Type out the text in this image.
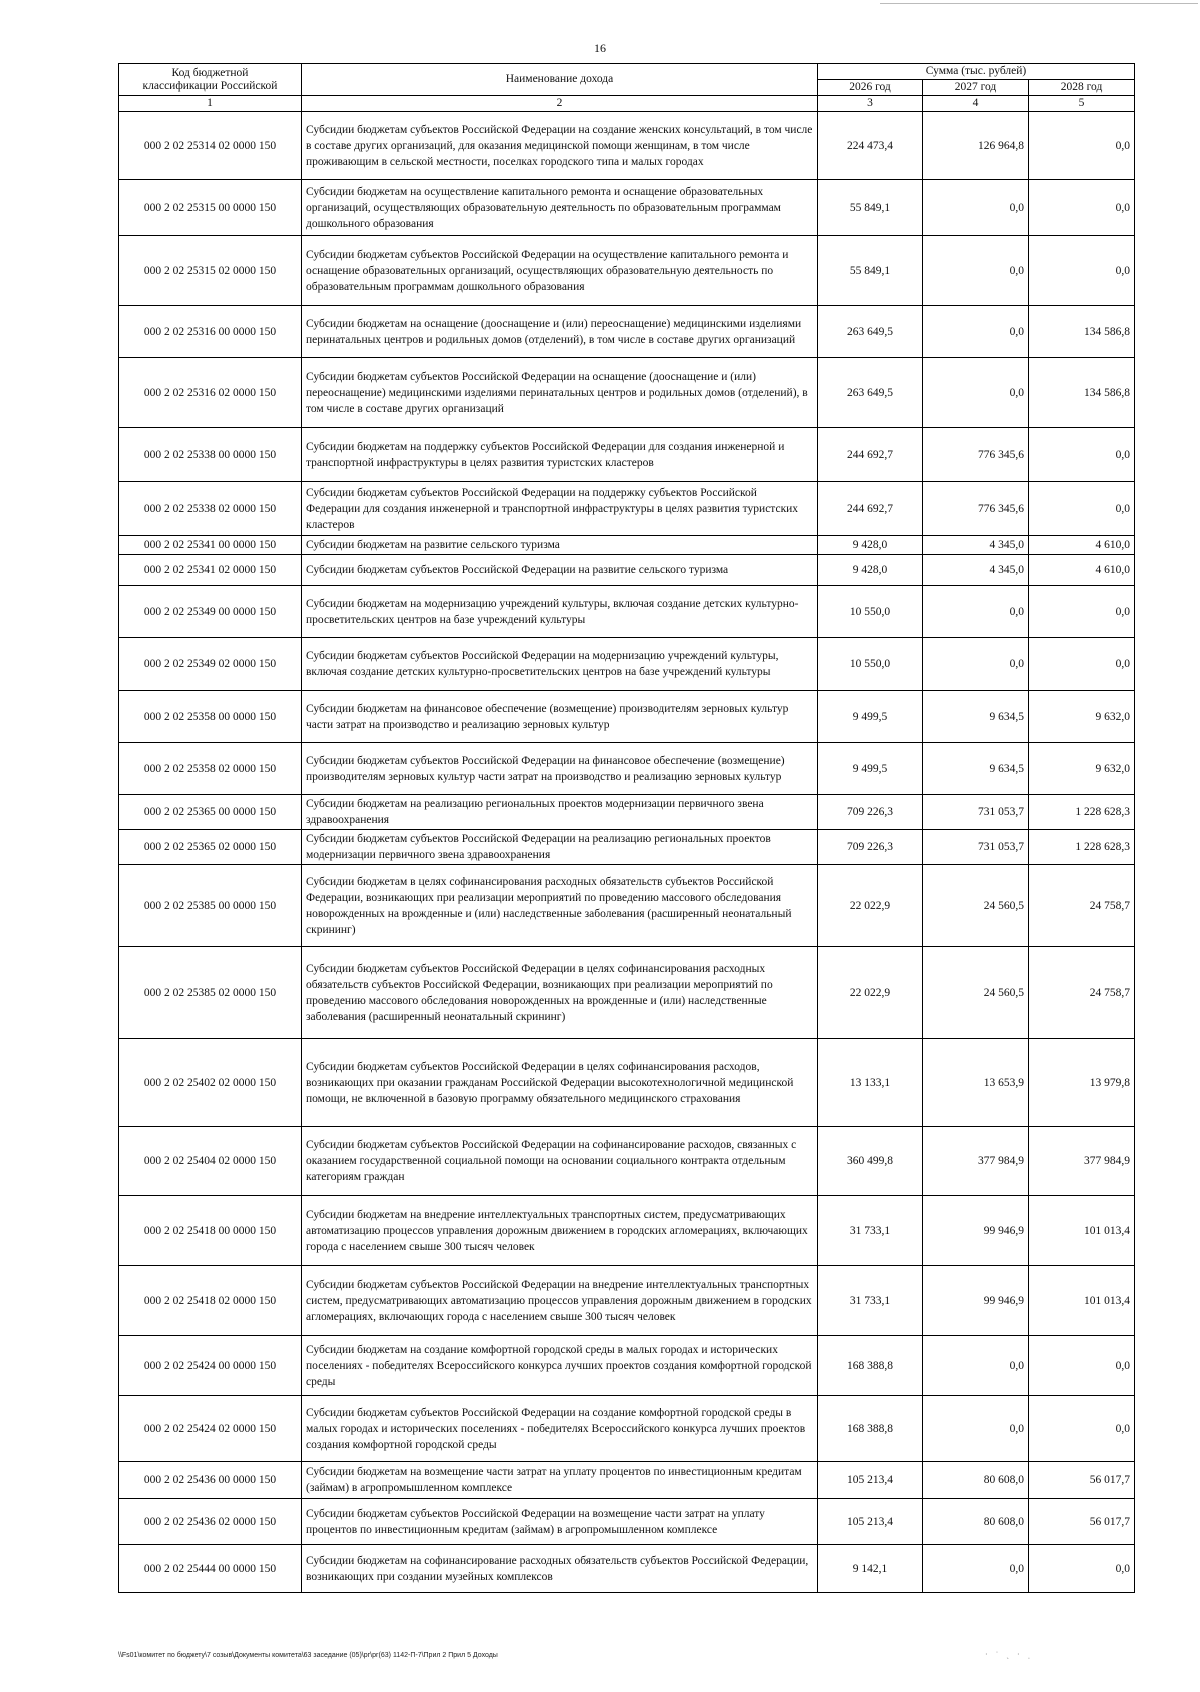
16
Код бюджетной классификации Российской	Наименование дохода	Сумма (тыс. рублей)		
		2026 год	2027 год	2028 год
1	2	3	4	5
000 2 02 25314 02 0000 150	Субсидии бюджетам субъектов Российской Федерации на создание женских консультаций, в том числе в составе других организаций, для оказания медицинской помощи женщинам, в том числе проживающим в сельской местности, поселках городского типа и малых городах	224 473,4	126 964,8	0,0
000 2 02 25315 00 0000 150	Субсидии бюджетам на осуществление капитального ремонта и оснащение образовательных организаций, осуществляющих образовательную деятельность по образовательным программам дошкольного образования	55 849,1	0,0	0,0
000 2 02 25315 02 0000 150	Субсидии бюджетам субъектов Российской Федерации на осуществление капитального ремонта и оснащение образовательных организаций, осуществляющих образовательную деятельность по образовательным программам дошкольного образования	55 849,1	0,0	0,0
000 2 02 25316 00 0000 150	Субсидии бюджетам на оснащение (дооснащение и (или) переоснащение) медицинскими изделиями перинатальных центров и родильных домов (отделений), в том числе в составе других организаций	263 649,5	0,0	134 586,8
000 2 02 25316 02 0000 150	Субсидии бюджетам субъектов Российской Федерации на оснащение (дооснащение и (или) переоснащение) медицинскими изделиями перинатальных центров и родильных домов (отделений), в том числе в составе других организаций	263 649,5	0,0	134 586,8
000 2 02 25338 00 0000 150	Субсидии бюджетам на поддержку субъектов Российской Федерации для создания инженерной и транспортной инфраструктуры в целях развития туристских кластеров	244 692,7	776 345,6	0,0
000 2 02 25338 02 0000 150	Субсидии бюджетам субъектов Российской Федерации на поддержку субъектов Российской Федерации для создания инженерной и транспортной инфраструктуры в целях развития туристских кластеров	244 692,7	776 345,6	0,0
000 2 02 25341 00 0000 150	Субсидии бюджетам на развитие сельского туризма	9 428,0	4 345,0	4 610,0
000 2 02 25341 02 0000 150	Субсидии бюджетам субъектов Российской Федерации на развитие сельского туризма	9 428,0	4 345,0	4 610,0
000 2 02 25349 00 0000 150	Субсидии бюджетам на модернизацию учреждений культуры, включая создание детских культурно-просветительских центров на базе учреждений культуры	10 550,0	0,0	0,0
000 2 02 25349 02 0000 150	Субсидии бюджетам субъектов Российской Федерации на модернизацию учреждений культуры, включая создание детских культурно-просветительских центров на базе учреждений культуры	10 550,0	0,0	0,0
000 2 02 25358 00 0000 150	Субсидии бюджетам на финансовое обеспечение (возмещение) производителям зерновых культур части затрат на производство и реализацию зерновых культур	9 499,5	9 634,5	9 632,0
000 2 02 25358 02 0000 150	Субсидии бюджетам субъектов Российской Федерации на финансовое обеспечение (возмещение) производителям зерновых культур части затрат на производство и реализацию зерновых культур	9 499,5	9 634,5	9 632,0
000 2 02 25365 00 0000 150	Субсидии бюджетам на реализацию региональных проектов модернизации первичного звена здравоохранения	709 226,3	731 053,7	1 228 628,3
000 2 02 25365 02 0000 150	Субсидии бюджетам субъектов Российской Федерации на реализацию региональных проектов модернизации первичного звена здравоохранения	709 226,3	731 053,7	1 228 628,3
000 2 02 25385 00 0000 150	Субсидии бюджетам в целях софинансирования расходных обязательств субъектов Российской Федерации, возникающих при реализации мероприятий по проведению массового обследования новорожденных на врожденные и (или) наследственные заболевания (расширенный неонатальный скрининг)	22 022,9	24 560,5	24 758,7
000 2 02 25385 02 0000 150	Субсидии бюджетам субъектов Российской Федерации в целях софинансирования расходных обязательств субъектов Российской Федерации, возникающих при реализации мероприятий по проведению массового обследования новорожденных на врожденные и (или) наследственные заболевания (расширенный неонатальный скрининг)	22 022,9	24 560,5	24 758,7
000 2 02 25402 02 0000 150	Субсидии бюджетам субъектов Российской Федерации в целях софинансирования расходов, возникающих при оказании гражданам Российской Федерации высокотехнологичной медицинской помощи, не включенной в базовую программу обязательного медицинского страхования	13 133,1	13 653,9	13 979,8
000 2 02 25404 02 0000 150	Субсидии бюджетам субъектов Российской Федерации на софинансирование расходов, связанных с оказанием государственной социальной помощи на основании социального контракта отдельным категориям граждан	360 499,8	377 984,9	377 984,9
000 2 02 25418 00 0000 150	Субсидии бюджетам на внедрение интеллектуальных транспортных систем, предусматривающих автоматизацию процессов управления дорожным движением в городских агломерациях, включающих города с населением свыше 300 тысяч человек	31 733,1	99 946,9	101 013,4
000 2 02 25418 02 0000 150	Субсидии бюджетам субъектов Российской Федерации на внедрение интеллектуальных транспортных систем, предусматривающих автоматизацию процессов управления дорожным движением в городских агломерациях, включающих города с населением свыше 300 тысяч человек	31 733,1	99 946,9	101 013,4
000 2 02 25424 00 0000 150	Субсидии бюджетам на создание комфортной городской среды в малых городах и исторических поселениях - победителях Всероссийского конкурса лучших проектов создания комфортной городской среды	168 388,8	0,0	0,0
000 2 02 25424 02 0000 150	Субсидии бюджетам субъектов Российской Федерации на создание комфортной городской среды в малых городах и исторических поселениях - победителях Всероссийского конкурса лучших проектов создания комфортной городской среды	168 388,8	0,0	0,0
000 2 02 25436 00 0000 150	Субсидии бюджетам на возмещение части затрат на уплату процентов по инвестиционным кредитам (займам) в агропромышленном комплексе	105 213,4	80 608,0	56 017,7
000 2 02 25436 02 0000 150	Субсидии бюджетам субъектов Российской Федерации на возмещение части затрат на уплату процентов по инвестиционным кредитам (займам) в агропромышленном комплексе	105 213,4	80 608,0	56 017,7
000 2 02 25444 00 0000 150	Субсидии бюджетам на софинансирование расходных обязательств субъектов Российской Федерации, возникающих при создании музейных комплексов	9 142,1	0,0	0,0
· ˙ ˎ · ˌ
\\Fs01\комитет по бюджету\7 созыв\Документы комитета\63 заседание (05)\рг\рг(63) 1142-П-7\Прил 2 Прил 5 Доходы
